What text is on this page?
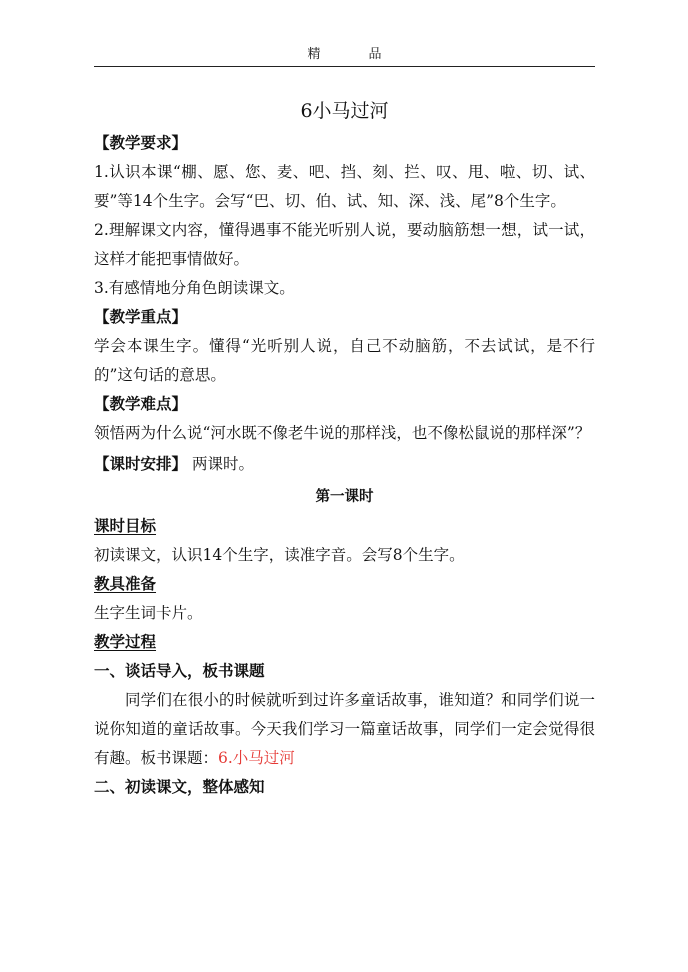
精	品
6小马过河
【教学要求】

1.认识本课“棚、愿、您、麦、吧、挡、刻、拦、叹、甩、啦、切、试、要”等14个生字。会写“巴、切、伯、试、知、深、浅、尾”8个生字。

2.理解课文内容，懂得遇事不能光听别人说，要动脑筋想一想，试一试，这样才能把事情做好。

3.有感情地分角色朗读课文。

【教学重点】

学会本课生字。懂得“光听别人说，自己不动脑筋，不去试试，是不行的”这句话的意思。

【教学难点】

领悟两为什么说“河水既不像老牛说的那样浅，也不像松鼠说的那样深”？

【课时安排】 两课时。

第一课时
课时目标

初读课文，认识14个生字，读准字音。会写8个生字。

教具准备

生字生词卡片。

教学过程
一、谈话导入，板书课题

同学们在很小的时候就听到过许多童话故事，谁知道？和同学们说一说你知道的童话故事。今天我们学习一篇童话故事，同学们一定会觉得很有趣。板书课题：6.小马过河

二、初读课文，整体感知
